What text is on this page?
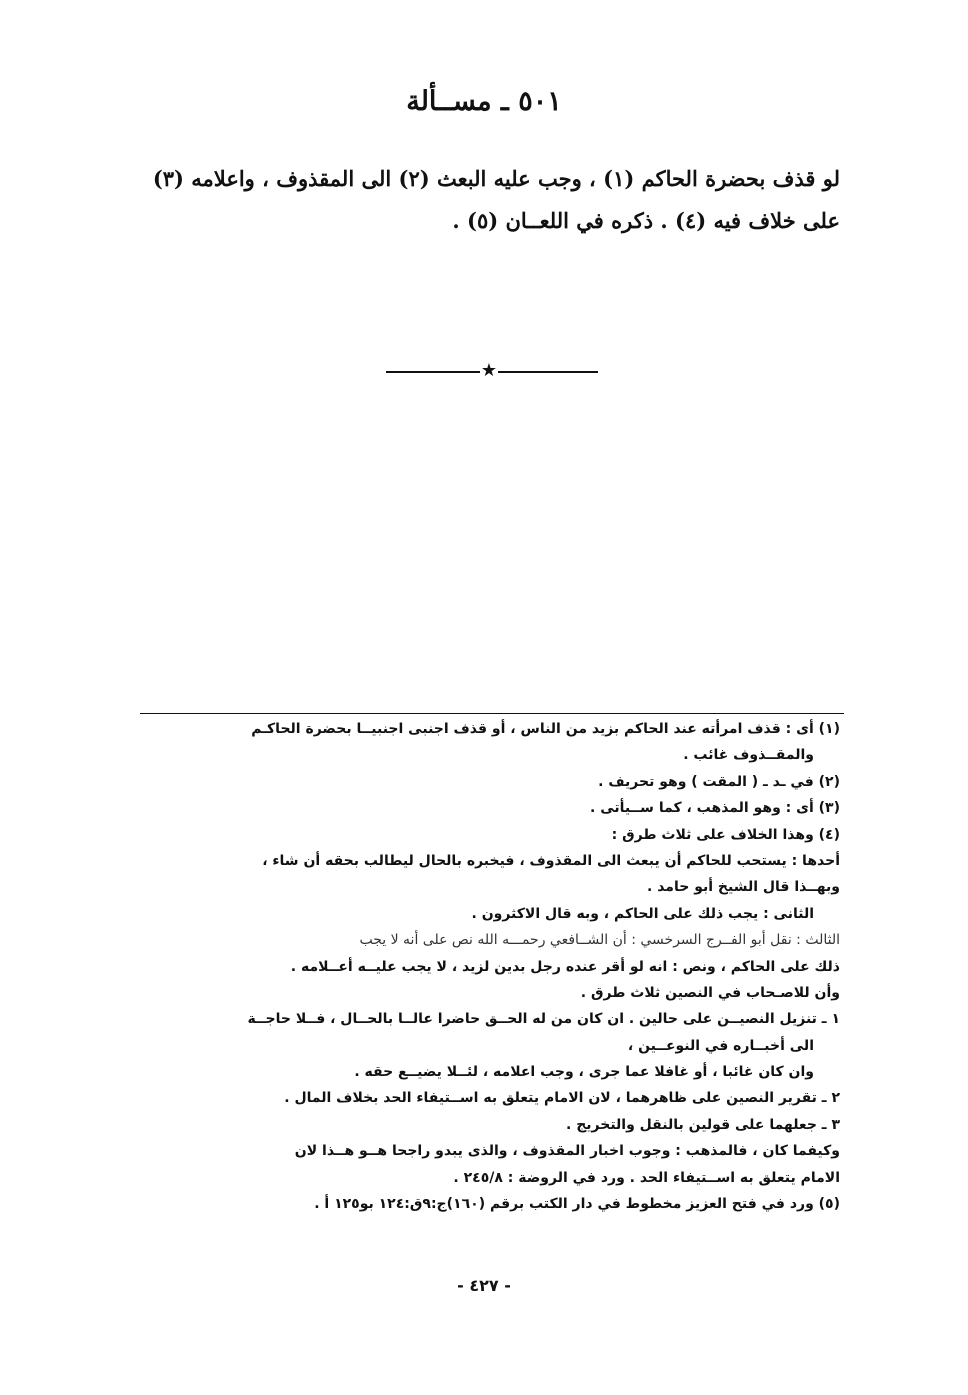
٥٠١ ـ مســألة
لو قذف بحضرة الحاكم (١) ، وجب عليه البعث (٢) الى المقذوف ، واعلامه (٣)
على خلاف فيه (٤) . ذكره في اللعــان (٥) .
★
(١) أى : قذف امرأته عند الحاكم بزيد من الناس ، أو قذف اجنبى اجنبيــا بحضرة الحاكـم
والمقــذوف غائب .
(٢) في ـد ـ ( المقت ) وهو تحريف .
(٣) أى : وهو المذهب ، كما ســيأتى .
(٤) وهذا الخلاف على ثلاث طرق :
أحدها : يستحب للحاكم أن يبعث الى المقذوف ، فيخبره بالحال ليطالب بحقه أن شاء ،
وبهــذا قال الشيخ أبو حامد .
الثانى : يجب ذلك على الحاكم ، وبه قال الاكثرون .
الثالث : نقل أبو الفــرج السرخسي : أن الشــافعي رحمـــه الله نص على أنه لا يجب
ذلك على الحاكم ، ونص : انه لو أقر عنده رجل بدين لزيد ، لا يجب عليــه أعــلامه .
وأن للاصـحاب في النصين ثلاث طرق .
١ ـ تنزيل النصيــن على حالين . ان كان من له الحــق حاضرا عالــا بالحــال ، فــلا حاجــة
الى أخبــاره في النوعــين ،
وان كان غائبا ، أو غافلا عما جرى ، وجب اعلامه ، لئــلا يضيــع حقه .
٢ ـ تقرير النصين على ظاهرهما ، لان الامام يتعلق به اســتيفاء الحد بخلاف المال .
٣ ـ جعلهما على قولين بالنقل والتخريج .
وكيفما كان ، فالمذهب : وجوب اخبار المقذوف ، والذى يبدو راجحا هــو هــذا لان
الامام يتعلق به اســتيفاء الحد . ورد في الروضة : ٢٤٥/٨ .
(٥) ورد في فتح العزيز مخطوط في دار الكتب برقم (١٦٠)ج:٩ق:١٢٤ بو١٢٥ أ .
- ٤٢٧ -
